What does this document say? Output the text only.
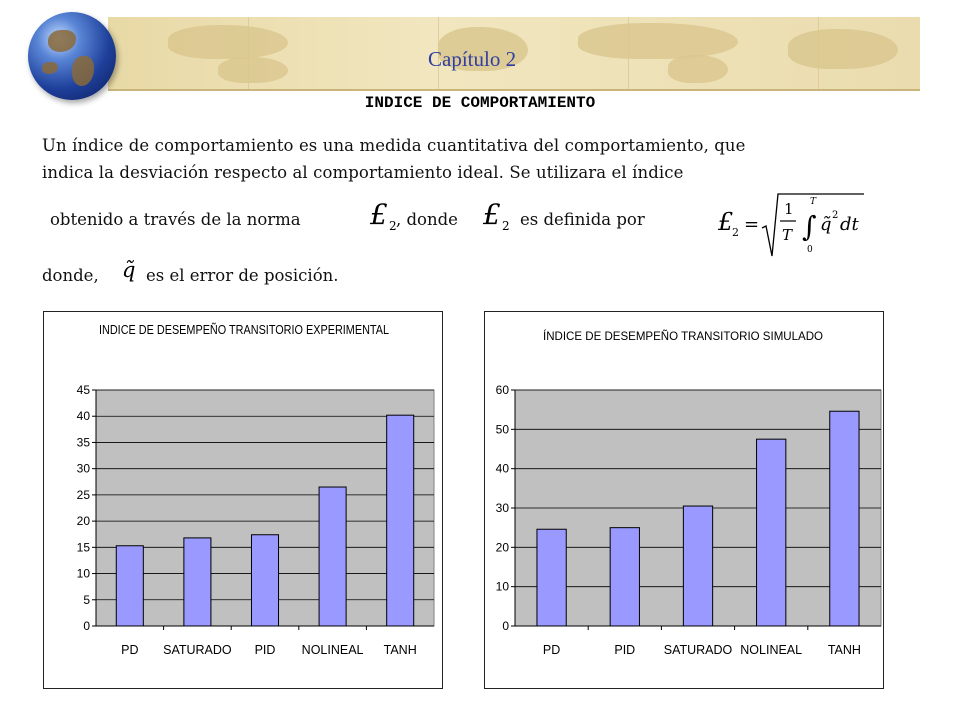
Capítulo 2
INDICE DE COMPORTAMIENTO
Un índice de comportamiento es una medida cuantitativa del comportamiento, que
indica la desviación respecto al comportamiento ideal. Se utilizara el índice
obtenido a través de la norma £ 2 , donde £ 2 es definida por	£
2 =
1
T ∫
T
0
q̃ 2 dt
donde, q̃ es el error de posición.
INDICE DE DESEMPEÑO TRANSITORIO EXPERIMENTAL
0
5
10
15
20
25
30
35
40
45
PD SATURADO PID NOLINEAL TANH
ÍNDICE DE DESEMPEÑO TRANSITORIO SIMULADO
0
10
20
30
40
50
60
PD	PID SATURADO NOLINEAL TANH
